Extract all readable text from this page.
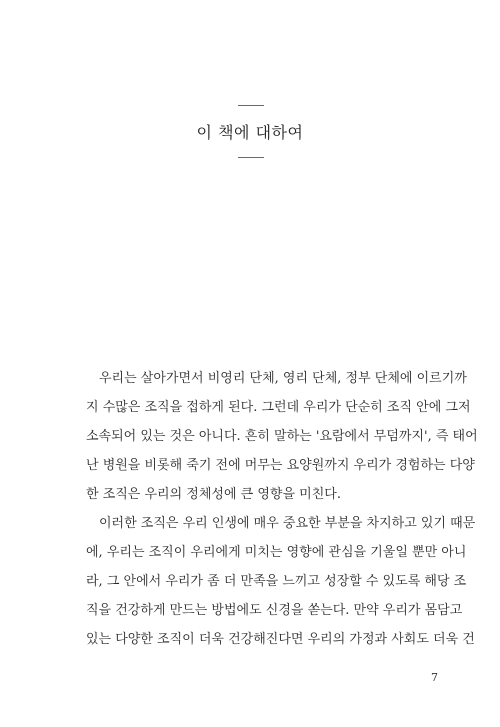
이 책에 대하여
우리는 살아가면서 비영리 단체, 영리 단체, 정부 단체에 이르기까
지 수많은 조직을 접하게 된다. 그런데 우리가 단순히 조직 안에 그저
소속되어 있는 것은 아니다. 흔히 말하는 '요람에서 무덤까지', 즉 태어
난 병원을 비롯해 죽기 전에 머무는 요양원까지 우리가 경험하는 다양
한 조직은 우리의 정체성에 큰 영향을 미친다.
이러한 조직은 우리 인생에 매우 중요한 부분을 차지하고 있기 때문
에, 우리는 조직이 우리에게 미치는 영향에 관심을 기울일 뿐만 아니
라, 그 안에서 우리가 좀 더 만족을 느끼고 성장할 수 있도록 해당 조
직을 건강하게 만드는 방법에도 신경을 쏟는다. 만약 우리가 몸담고
있는 다양한 조직이 더욱 건강해진다면 우리의 가정과 사회도 더욱 건
7
